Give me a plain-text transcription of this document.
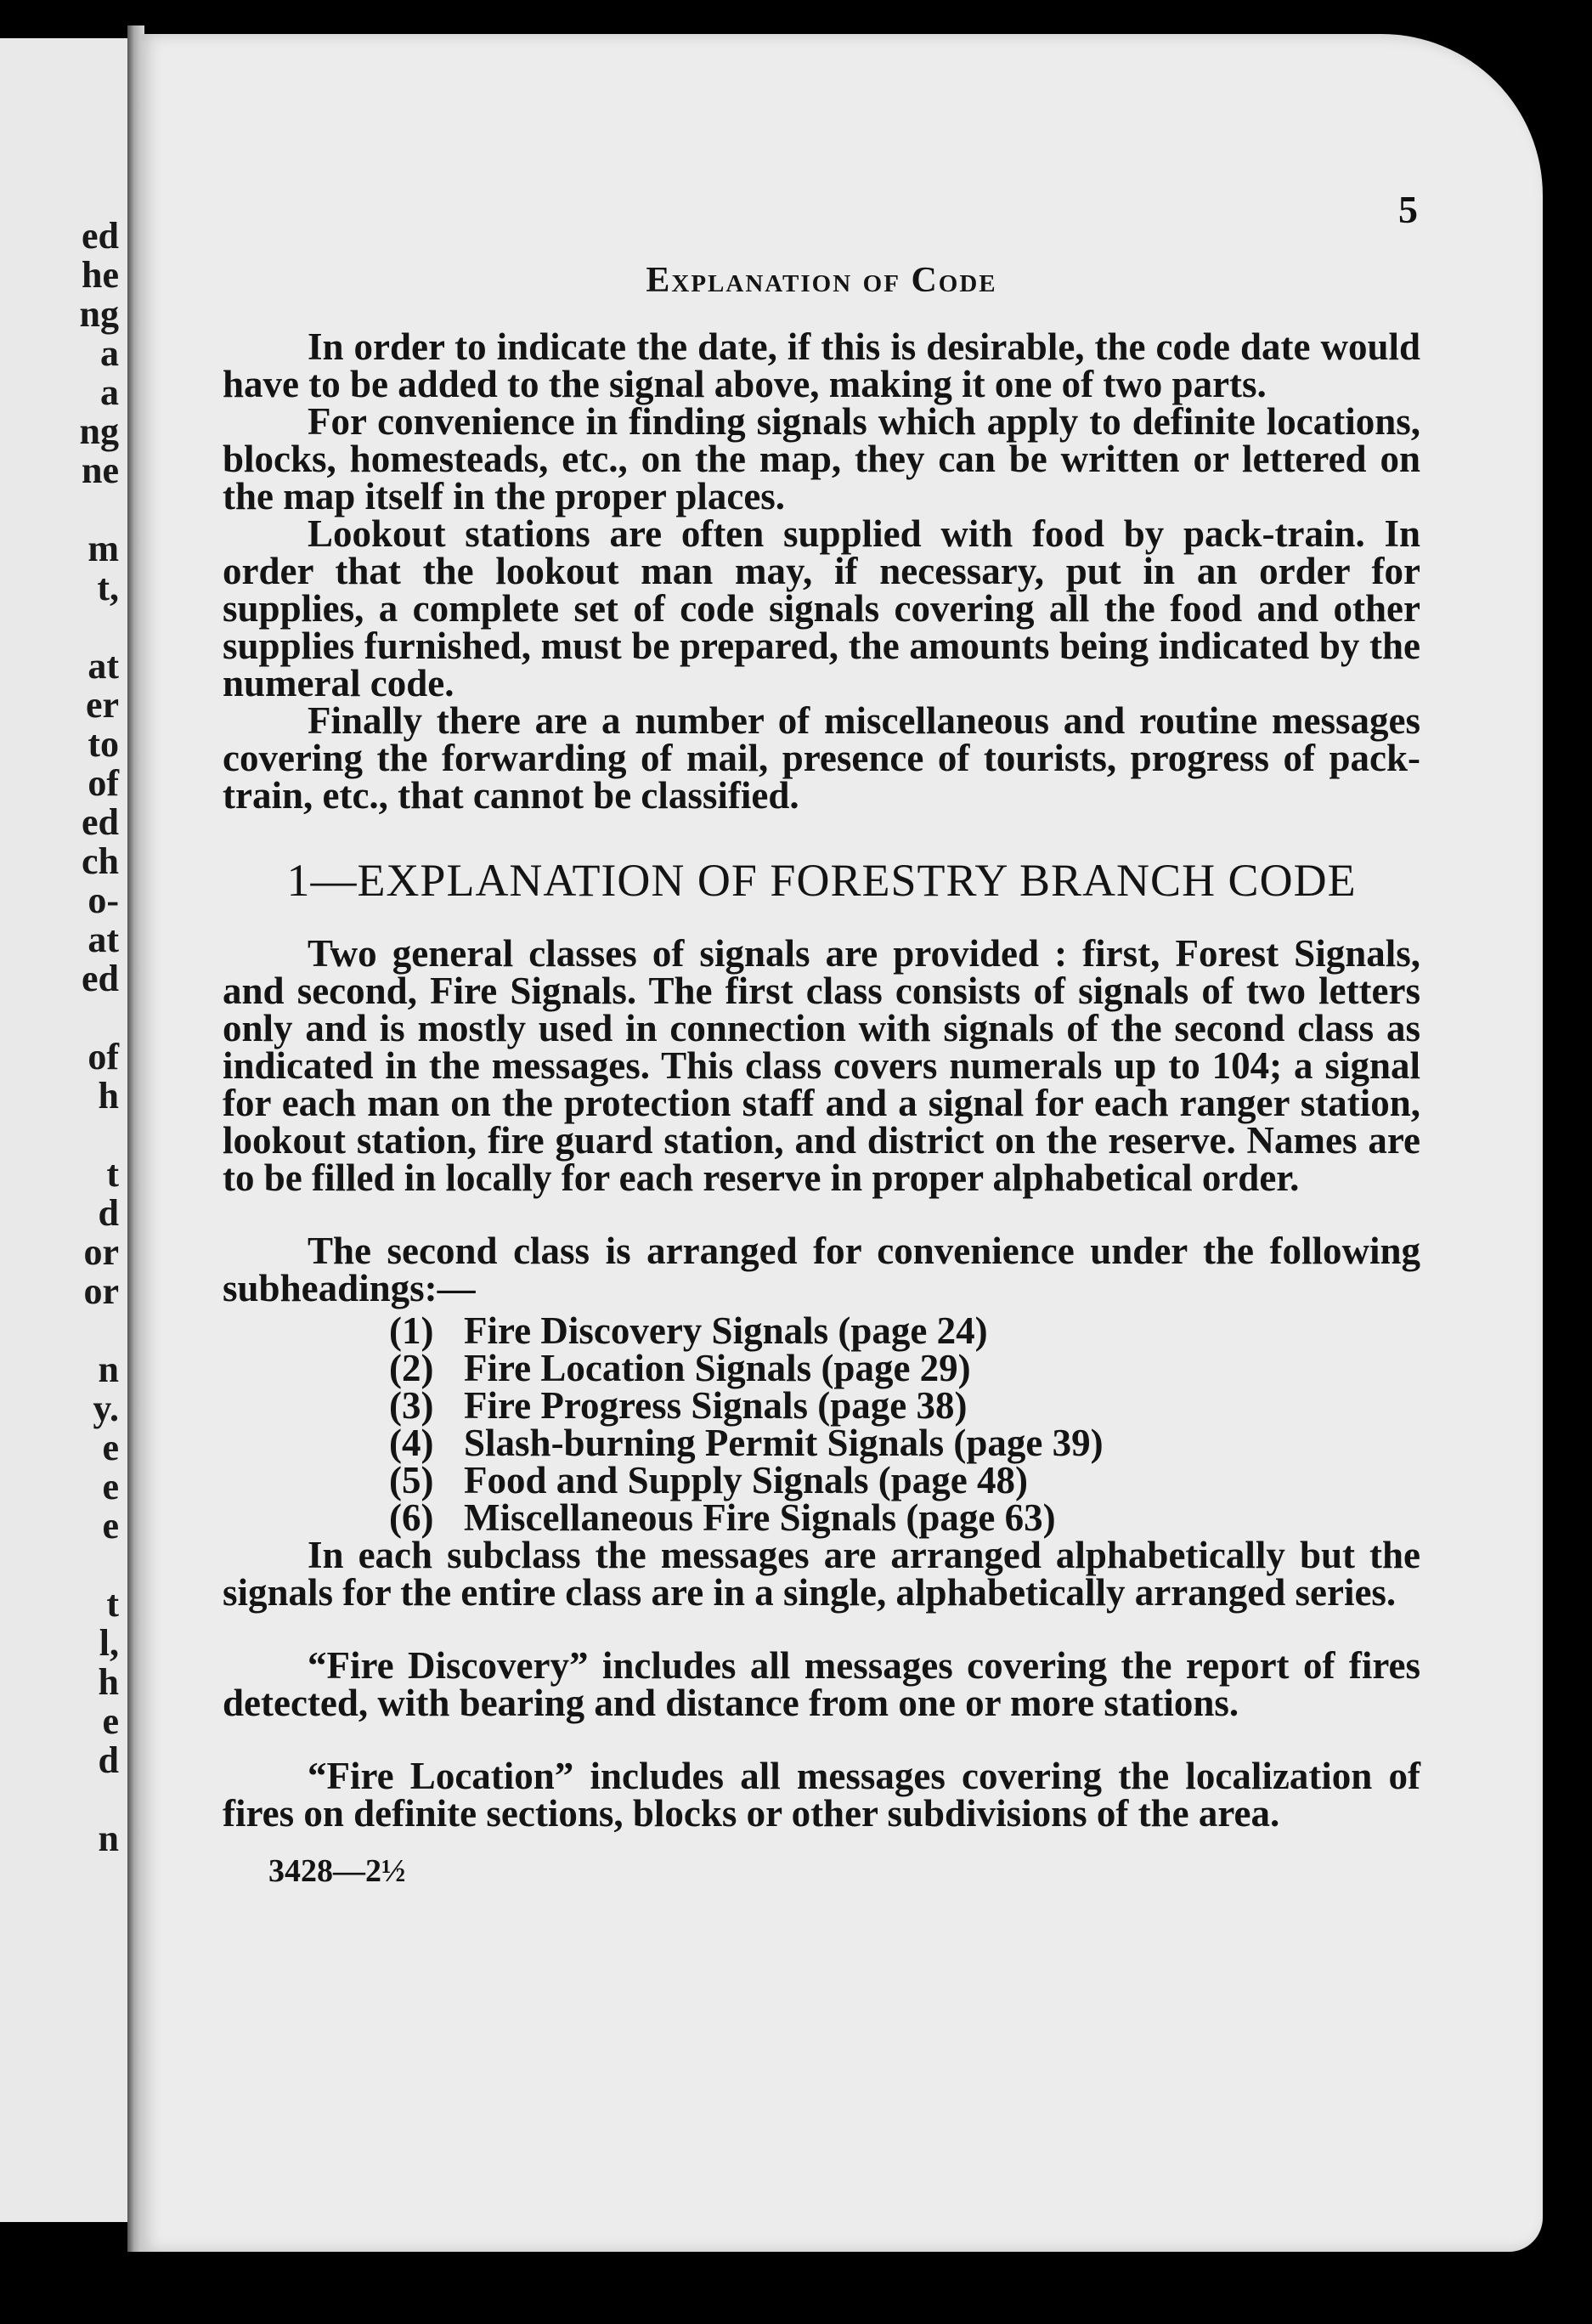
ed
he
ng
a
a
ng
ne

m
t,

at
er
to
of
ed
ch
o-
at
ed

of
h

t
d
or
or

n
y.
e
e
e

t
l,
h
e
d

n
5
Explanation of Code

In order to indicate the date, if this is desirable, the code date would have to be added to the signal above, making it one of two parts.

For convenience in finding signals which apply to definite locations, blocks, homesteads, etc., on the map, they can be written or lettered on the map itself in the proper places.

Lookout stations are often supplied with food by pack-train. In order that the lookout man may, if necessary, put in an order for supplies, a complete set of code signals covering all the food and other supplies furnished, must be prepared, the amounts being indicated by the numeral code.

Finally there are a number of miscellaneous and routine messages covering the forwarding of mail, presence of tourists, progress of pack-train, etc., that cannot be classified.

1—EXPLANATION OF FORESTRY BRANCH CODE

Two general classes of signals are provided : first, Forest Signals, and second, Fire Signals. The first class consists of signals of two letters only and is mostly used in connection with signals of the second class as indicated in the messages. This class covers numerals up to 104; a signal for each man on the protection staff and a signal for each ranger station, lookout station, fire guard station, and district on the reserve. Names are to be filled in locally for each reserve in proper alphabetical order.

The second class is arranged for convenience under the following subheadings:—

(1) Fire Discovery Signals (page 24)
(2) Fire Location Signals (page 29)
(3) Fire Progress Signals (page 38)
(4) Slash-burning Permit Signals (page 39)
(5) Food and Supply Signals (page 48)
(6) Miscellaneous Fire Signals (page 63)

In each subclass the messages are arranged alphabetically but the signals for the entire class are in a single, alphabetically arranged series.

“Fire Discovery” includes all messages covering the report of fires detected, with bearing and distance from one or more stations.

“Fire Location” includes all messages covering the localization of fires on definite sections, blocks or other subdivisions of the area.

3428—2½
